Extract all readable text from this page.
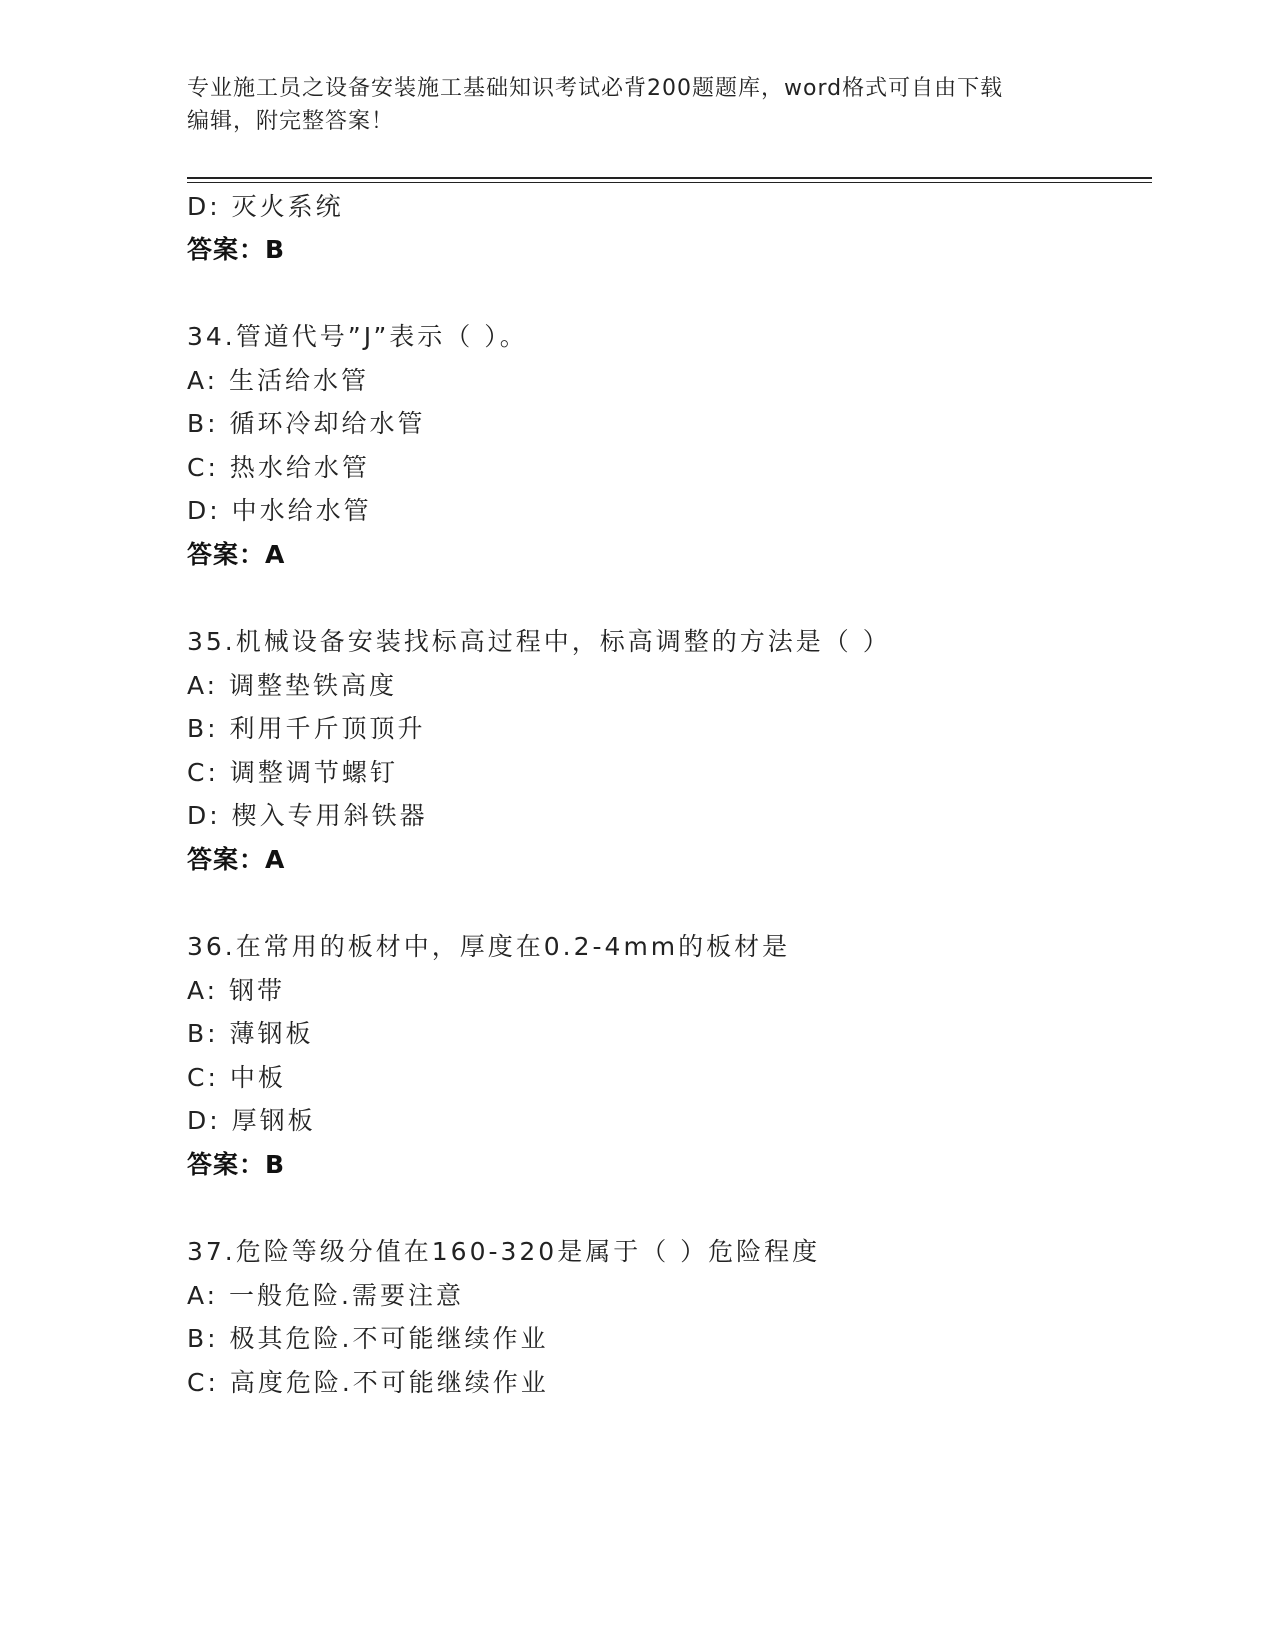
专业施工员之设备安装施工基础知识考试必背200题题库，word格式可自由下载
编辑，附完整答案！
D: 灭火系统
答案：B
34.管道代号”J”表示（ ）。
A: 生活给水管
B: 循环冷却给水管
C: 热水给水管
D: 中水给水管
答案：A
35.机械设备安装找标高过程中，标高调整的方法是（ ）
A: 调整垫铁高度
B: 利用千斤顶顶升
C: 调整调节螺钉
D: 楔入专用斜铁器
答案：A
36.在常用的板材中，厚度在0.2-4mm的板材是
A: 钢带
B: 薄钢板
C: 中板
D: 厚钢板
答案：B
37.危险等级分值在160-320是属于（ ）危险程度
A: 一般危险.需要注意
B: 极其危险.不可能继续作业
C: 高度危险.不可能继续作业
